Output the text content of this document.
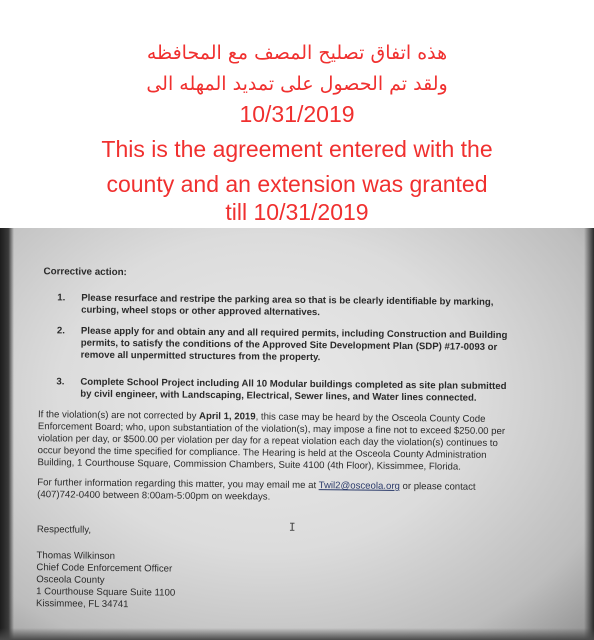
هذه اتفاق تصليح المصف مع المحافظه
ولقد تم الحصول على تمديد المهله الى
10/31/2019
This is the agreement entered with the
county and an extension was granted
till 10/31/2019
Corrective action:
1. Please resurface and restripe the parking area so that is be clearly identifiable by marking,
curbing, wheel stops or other approved alternatives.
2. Please apply for and obtain any and all required permits, including Construction and Building
permits, to satisfy the conditions of the Approved Site Development Plan (SDP) #17-0093 or
remove all unpermitted structures from the property.
3. Complete School Project including All 10 Modular buildings completed as site plan submitted
by civil engineer, with Landscaping, Electrical, Sewer lines, and Water lines connected.
If the violation(s) are not corrected by April 1, 2019, this case may be heard by the Osceola County Code
Enforcement Board; who, upon substantiation of the violation(s), may impose a fine not to exceed $250.00 per
violation per day, or $500.00 per violation per day for a repeat violation each day the violation(s) continues to
occur beyond the time specified for compliance. The Hearing is held at the Osceola County Administration
Building, 1 Courthouse Square, Commission Chambers, Suite 4100 (4th Floor), Kissimmee, Florida.
For further information regarding this matter, you may email me at Twil2@osceola.org or please contact
(407)742-0400 between 8:00am-5:00pm on weekdays.
Respectfully,
Thomas Wilkinson
Chief Code Enforcement Officer
Osceola County
1 Courthouse Square Suite 1100
Kissimmee, FL 34741
I
